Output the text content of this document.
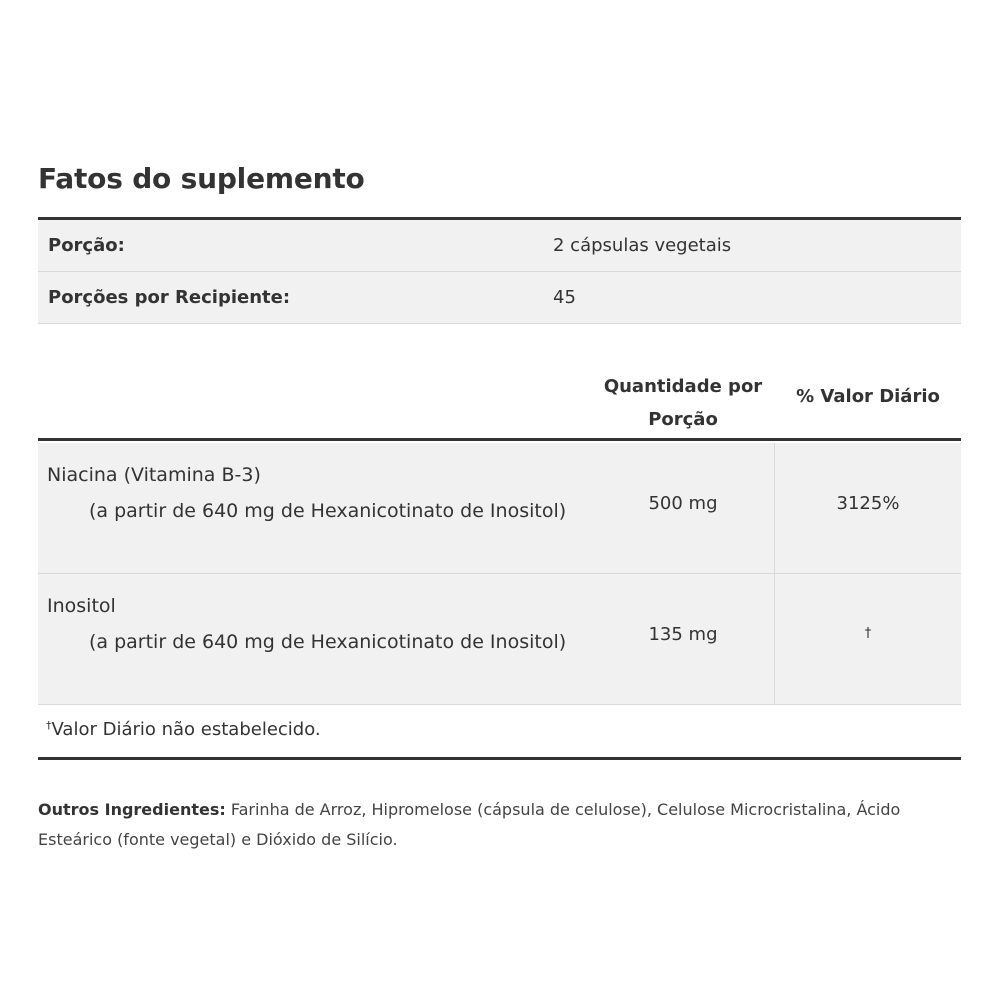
Fatos do suplemento
Porção:	2 cápsulas vegetais
Porções por Recipiente:	45
Quantidade por
Porção
% Valor Diário
Niacina (Vitamina B-3)
(a partir de 640 mg de Hexanicotinato de Inositol)	500 mg	3125%
Inositol
(a partir de 640 mg de Hexanicotinato de Inositol)	135 mg	†
†Valor Diário não estabelecido.
Outros Ingredientes: Farinha de Arroz, Hipromelose (cápsula de celulose), Celulose Microcristalina, Ácido Esteárico (fonte vegetal) e Dióxido de Silício.
